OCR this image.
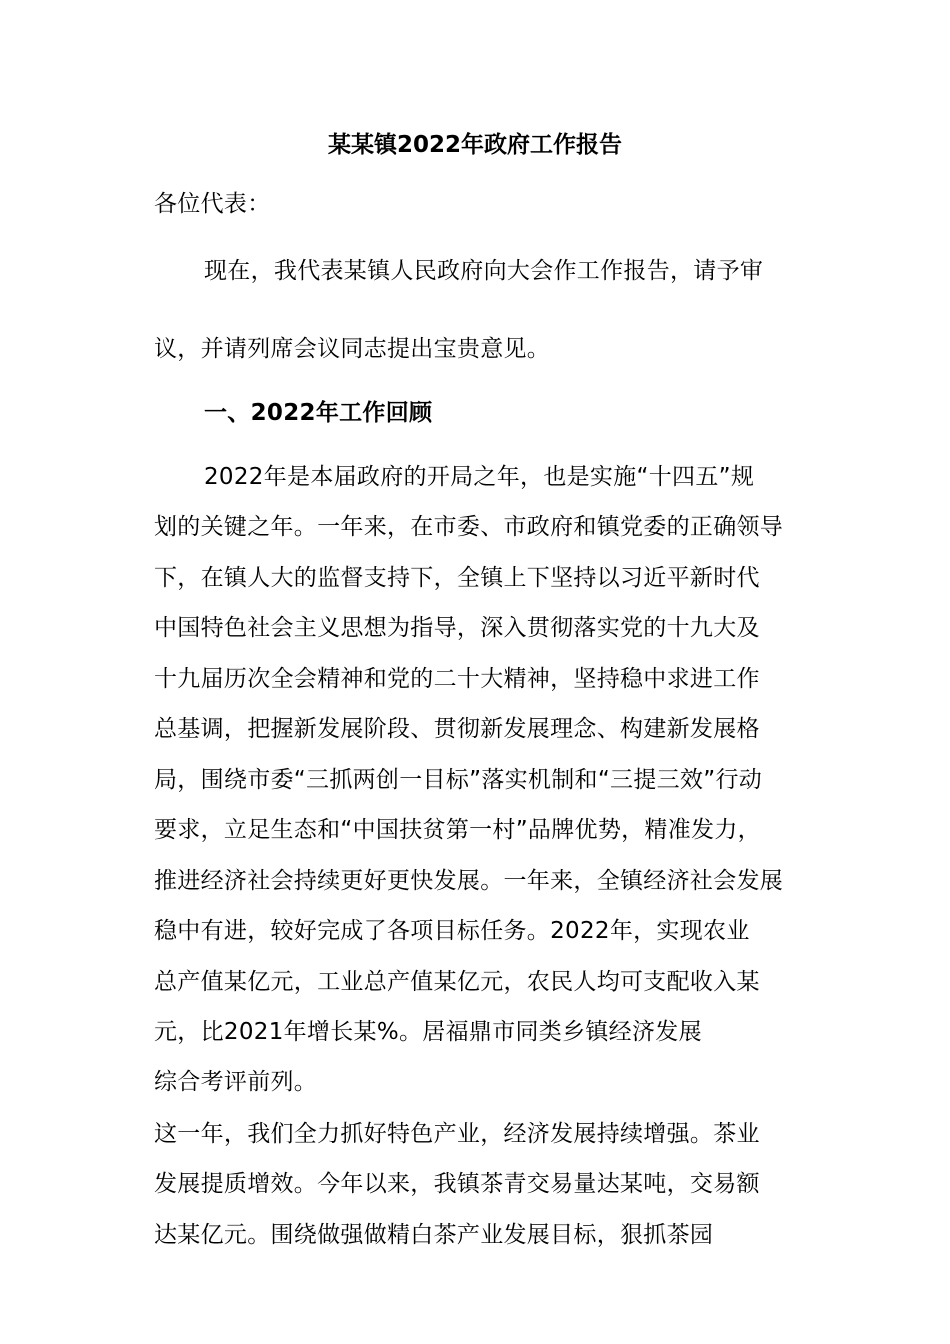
某某镇2022年政府工作报告
各位代表：
现在，我代表某镇人民政府向大会作工作报告，请予审
议，并请列席会议同志提出宝贵意见。
一、2022年工作回顾
2022年是本届政府的开局之年，也是实施“十四五”规
划的关键之年。一年来，在市委、市政府和镇党委的正确领导
下，在镇人大的监督支持下，全镇上下坚持以习近平新时代
中国特色社会主义思想为指导，深入贯彻落实党的十九大及
十九届历次全会精神和党的二十大精神，坚持稳中求进工作
总基调，把握新发展阶段、贯彻新发展理念、构建新发展格
局，围绕市委“三抓两创一目标”落实机制和“三提三效”行动
要求，立足生态和“中国扶贫第一村”品牌优势，精准发力，
推进经济社会持续更好更快发展。一年来，全镇经济社会发展
稳中有进，较好完成了各项目标任务。2022年，实现农业
总产值某亿元，工业总产值某亿元，农民人均可支配收入某
元，比2021年增长某%。居福鼎市同类乡镇经济发展
综合考评前列。
这一年，我们全力抓好特色产业，经济发展持续增强。茶业
发展提质增效。今年以来，我镇茶青交易量达某吨，交易额
达某亿元。围绕做强做精白茶产业发展目标，狠抓茶园
